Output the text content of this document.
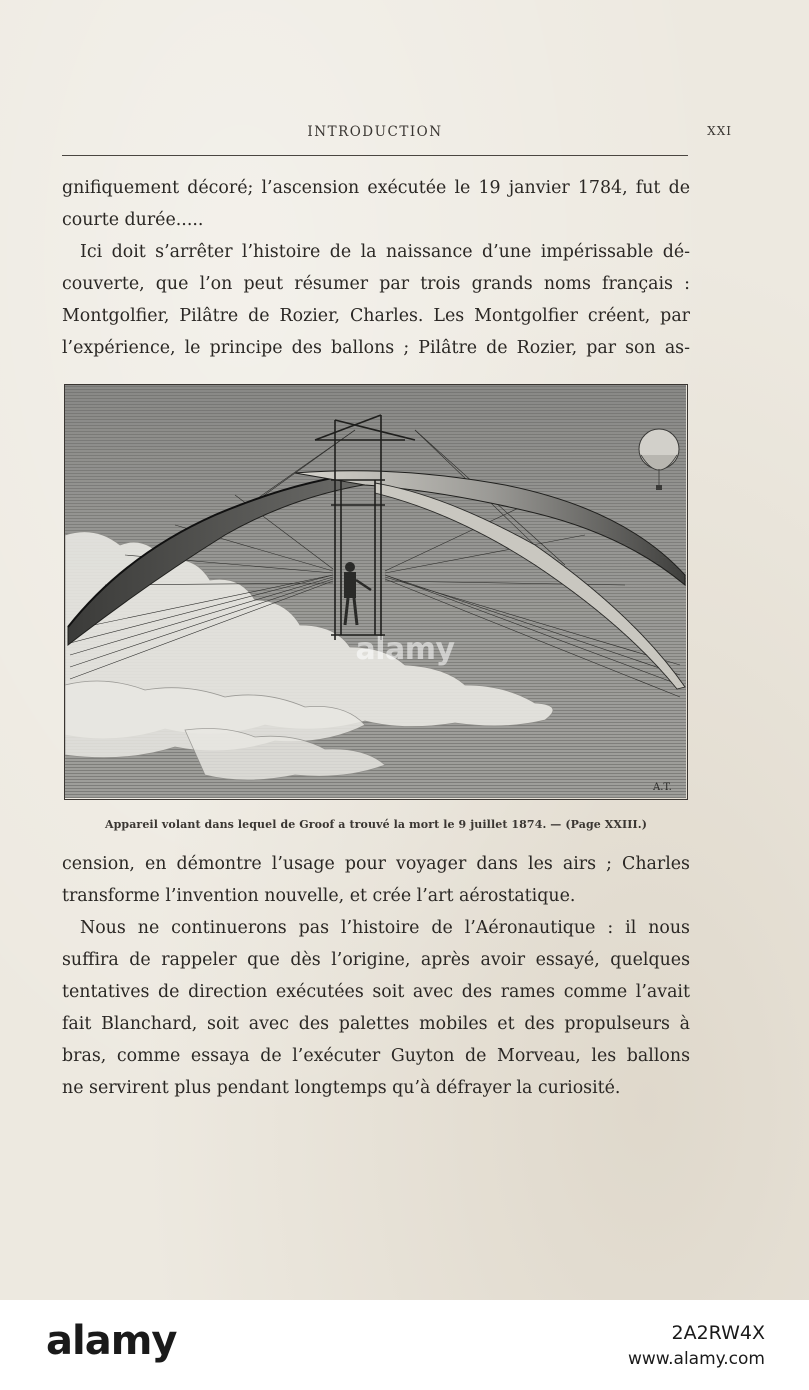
INTRODUCTION	XXI

gnifiquement décoré; l’ascension exécutée le 19 janvier 1784, fut de
courte durée.....

Ici doit s’arrêter l’histoire de la naissance d’une impérissable dé-
couverte, que l’on peut résumer par trois grands noms français :
Montgolfier, Pilâtre de Rozier, Charles. Les Montgolfier créent, par
l’expérience, le principe des ballons ; Pilâtre de Rozier, par son as-

A.T.
alamy
Appareil volant dans lequel de Groof a trouvé la mort le 9 juillet 1874. — (Page XXIII.)

cension, en démontre l’usage pour voyager dans les airs ; Charles
transforme l’invention nouvelle, et crée l’art aérostatique.

Nous ne continuerons pas l’histoire de l’Aéronautique : il nous
suffira de rappeler que dès l’origine, après avoir essayé, quelques
tentatives de direction exécutées soit avec des rames comme l’avait
fait Blanchard, soit avec des palettes mobiles et des propulseurs à
bras, comme essaya de l’exécuter Guyton de Morveau, les ballons
ne servirent plus pendant longtemps qu’à défrayer la curiosité.

alamy	2A2RW4X
www.alamy.com
